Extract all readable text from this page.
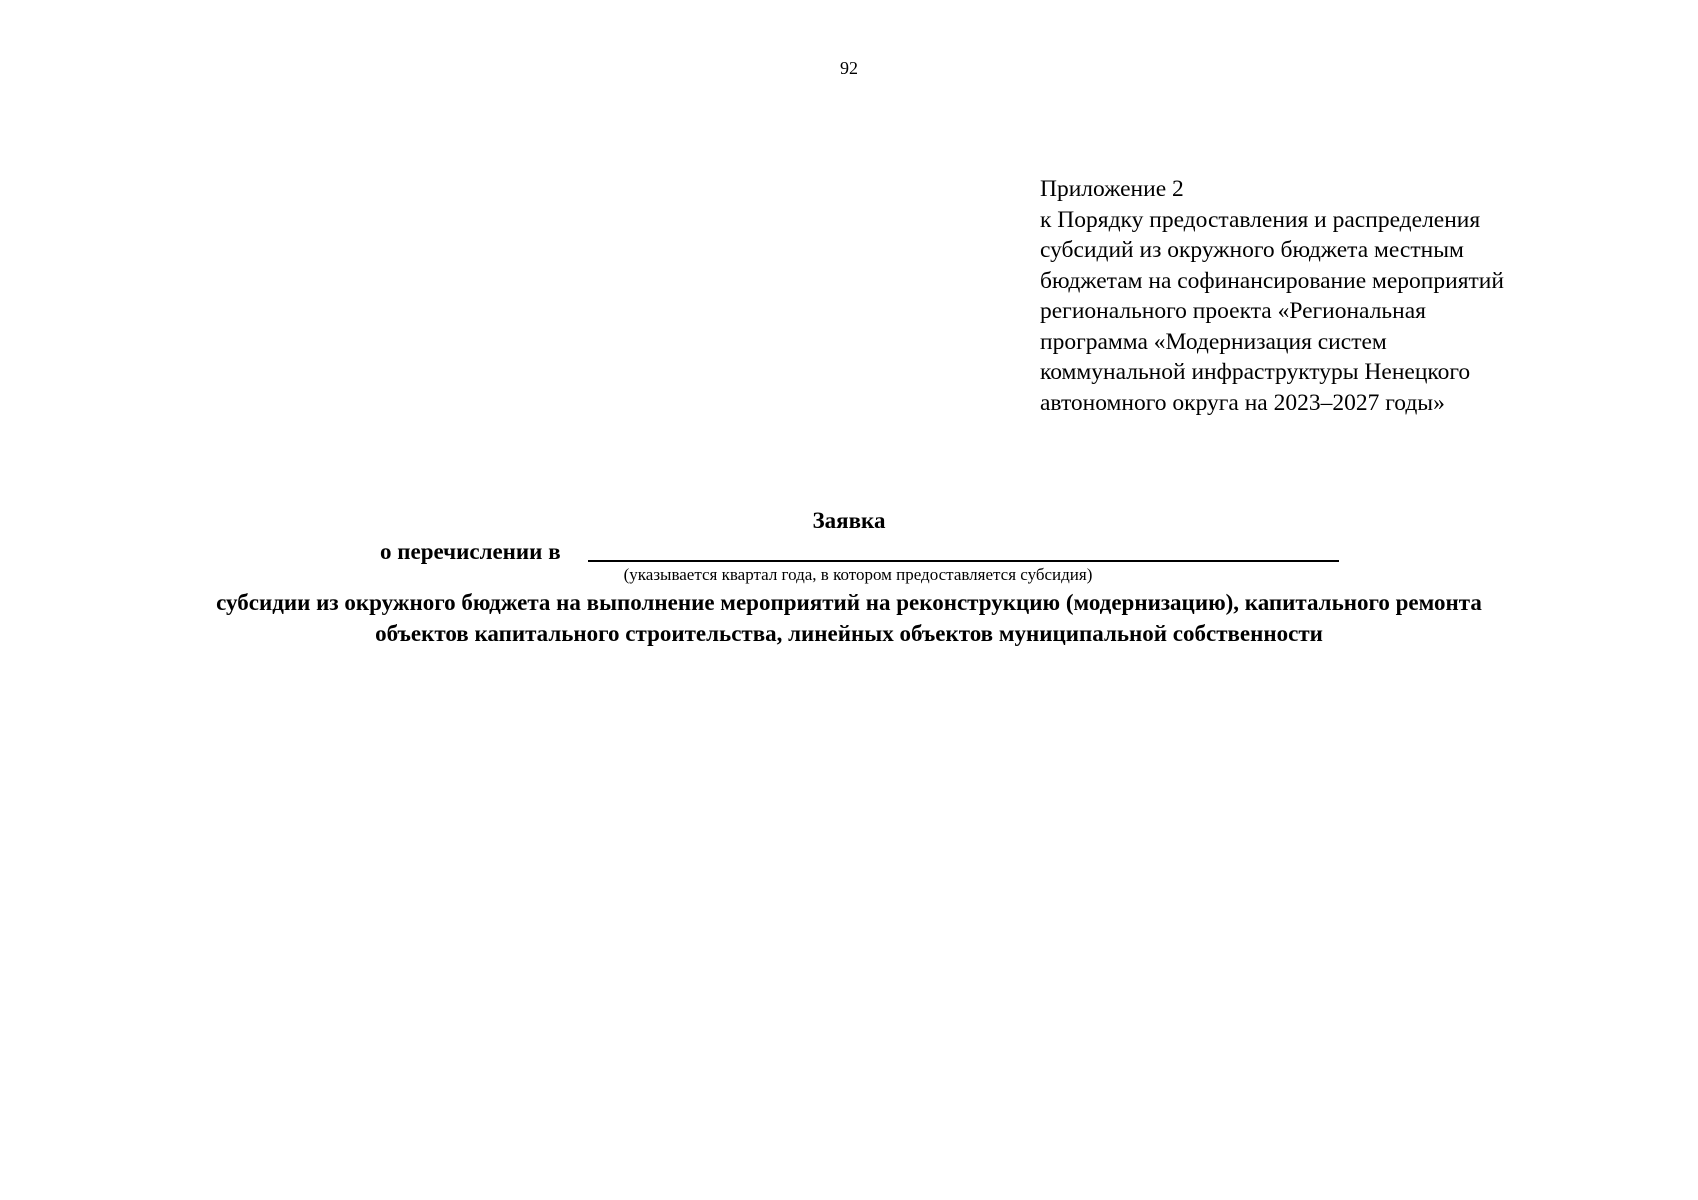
92
Приложение 2
к Порядку предоставления и распределения
субсидий из окружного бюджета местным
бюджетам на софинансирование мероприятий
регионального проекта «Региональная
программа «Модернизация систем
коммунальной инфраструктуры Ненецкого
автономного округа на 2023–2027 годы»
Заявка
о перечислении в
(указывается квартал года, в котором предоставляется субсидия)
субсидии из окружного бюджета на выполнение мероприятий на реконструкцию (модернизацию), капитального ремонта
объектов капитального строительства, линейных объектов муниципальной собственности
